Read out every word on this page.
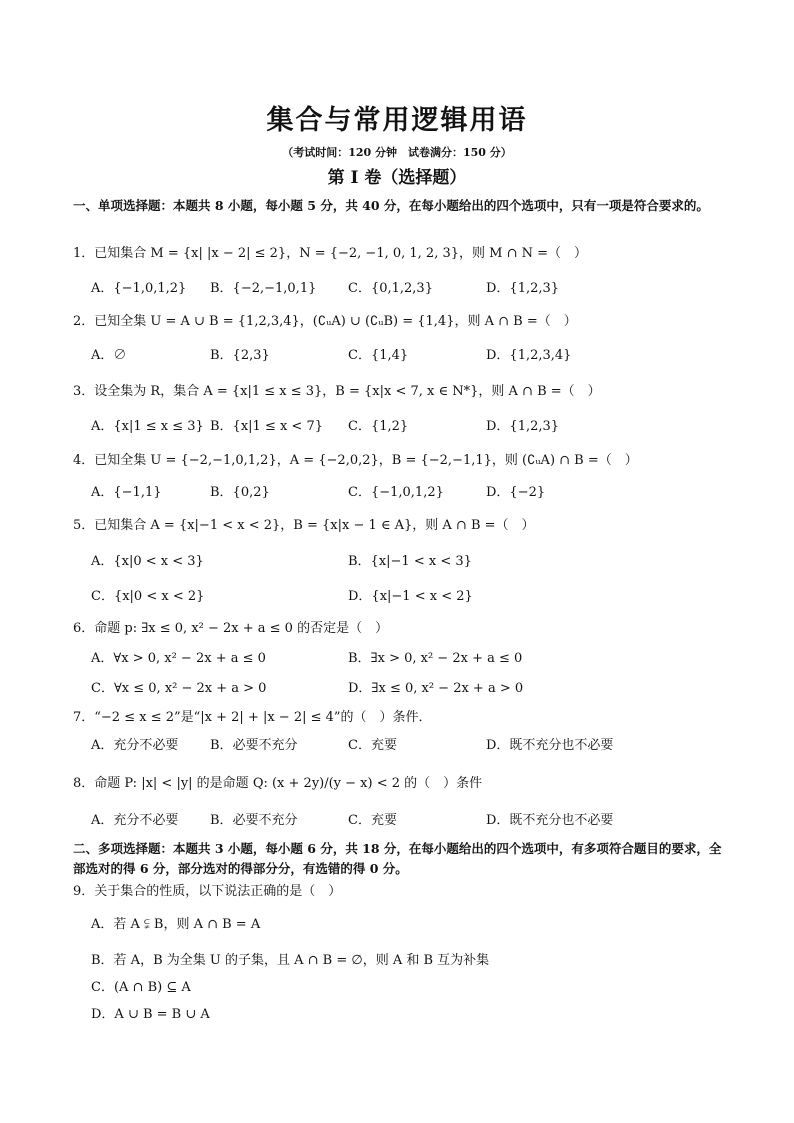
集合与常用逻辑用语
（考试时间：120 分钟　试卷满分：150 分）
第 I 卷（选择题）
一、单项选择题：本题共 8 小题，每小题 5 分，共 40 分，在每小题给出的四个选项中，只有一项是符合要求的。
1．已知集合 M = {x| |x − 2| ≤ 2}，N = {−2, −1, 0, 1, 2, 3}，则 M ∩ N =（　）
A．{−1,0,1,2} B．{−2,−1,0,1} C．{0,1,2,3}	D．{1,2,3}
2．已知全集 U = A ∪ B = {1,2,3,4}，(∁ᵤA) ∪ (∁ᵤB) = {1,4}，则 A ∩ B =（　）
A．∅	B．{2,3}	C．{1,4}	D．{1,2,3,4}
3．设全集为 R，集合 A = {x|1 ≤ x ≤ 3}，B = {x|x < 7, x ∈ N*}，则 A ∩ B =（　）
A．{x|1 ≤ x ≤ 3} B．{x|1 ≤ x < 7} C．{1,2}	D．{1,2,3}
4．已知全集 U = {−2,−1,0,1,2}，A = {−2,0,2}，B = {−2,−1,1}，则 (∁ᵤA) ∩ B =（　）
A．{−1,1}	B．{0,2}	C．{−1,0,1,2}	D．{−2}
5．已知集合 A = {x|−1 < x < 2}，B = {x|x − 1 ∈ A}，则 A ∩ B =（　）
A．{x|0 < x < 3}	B．{x|−1 < x < 3}
C．{x|0 < x < 2}	D．{x|−1 < x < 2}
6．命题 p: ∃x ≤ 0, x² − 2x + a ≤ 0 的否定是（　）
A．∀x > 0, x² − 2x + a ≤ 0	B．∃x > 0, x² − 2x + a ≤ 0
C．∀x ≤ 0, x² − 2x + a > 0	D．∃x ≤ 0, x² − 2x + a > 0
7．“−2 ≤ x ≤ 2”是“|x + 2| + |x − 2| ≤ 4”的（　）条件．
A．充分不必要 B．必要不充分	C．充要	D．既不充分也不必要
8．命题 P: |x| < |y| 的是命题 Q: (x + 2y)/(y − x) < 2 的（　）条件
A．充分不必要 B．必要不充分	C．充要	D．既不充分也不必要
二、多项选择题：本题共 3 小题，每小题 6 分，共 18 分，在每小题给出的四个选项中，有多项符合题目的要求，全部选对的得 6 分，部分选对的得部分分，有选错的得 0 分。
9．关于集合的性质，以下说法正确的是（　）
A．若 A ⫋ B，则 A ∩ B = A
B．若 A，B 为全集 U 的子集，且 A ∩ B = ∅，则 A 和 B 互为补集
C．(A ∩ B) ⊆ A
D．A ∪ B = B ∪ A
